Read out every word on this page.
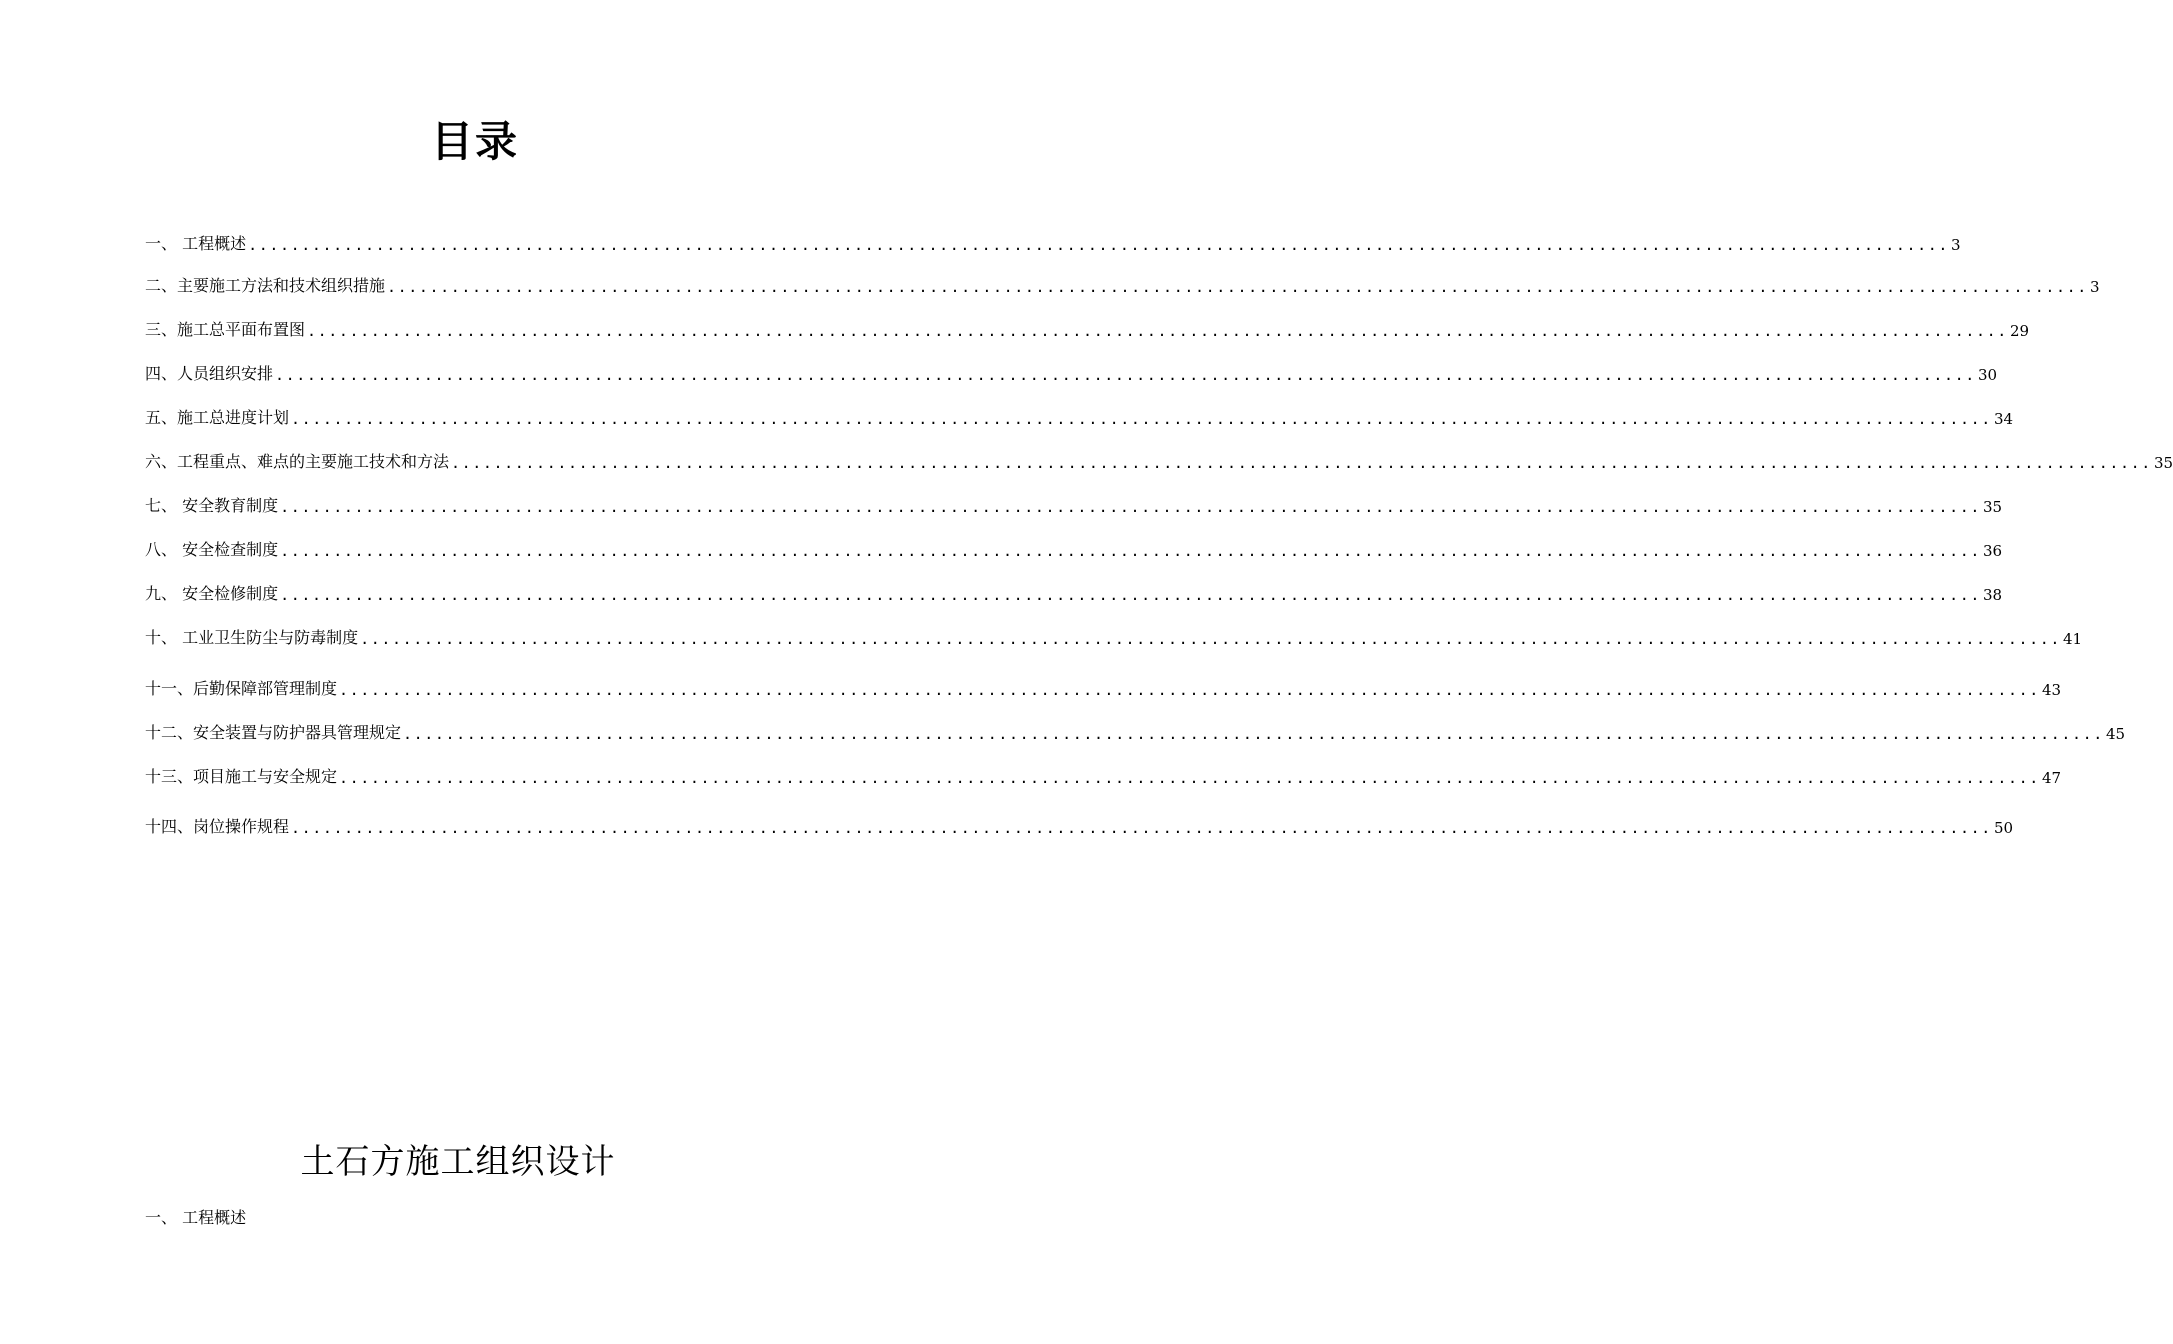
目录
一、 工程概述 ................................................................................................................................................................ 3
二、主要施工方法和技术组织措施 ................................................................................................................................................................ 3
三、施工总平面布置图 ................................................................................................................................................................ 29
四、人员组织安排 ................................................................................................................................................................ 30
五、施工总进度计划 ................................................................................................................................................................ 34
六、工程重点、难点的主要施工技术和方法 ................................................................................................................................................................ 35
七、 安全教育制度 ................................................................................................................................................................ 35
八、 安全检查制度 ................................................................................................................................................................ 36
九、 安全检修制度 ................................................................................................................................................................ 38
十、 工业卫生防尘与防毒制度 ................................................................................................................................................................ 41
十一、后勤保障部管理制度 ................................................................................................................................................................ 43
十二、安全装置与防护器具管理规定 ................................................................................................................................................................ 45
十三、项目施工与安全规定 ................................................................................................................................................................ 47
十四、岗位操作规程 ................................................................................................................................................................ 50
土石方施工组织设计
一、 工程概述
